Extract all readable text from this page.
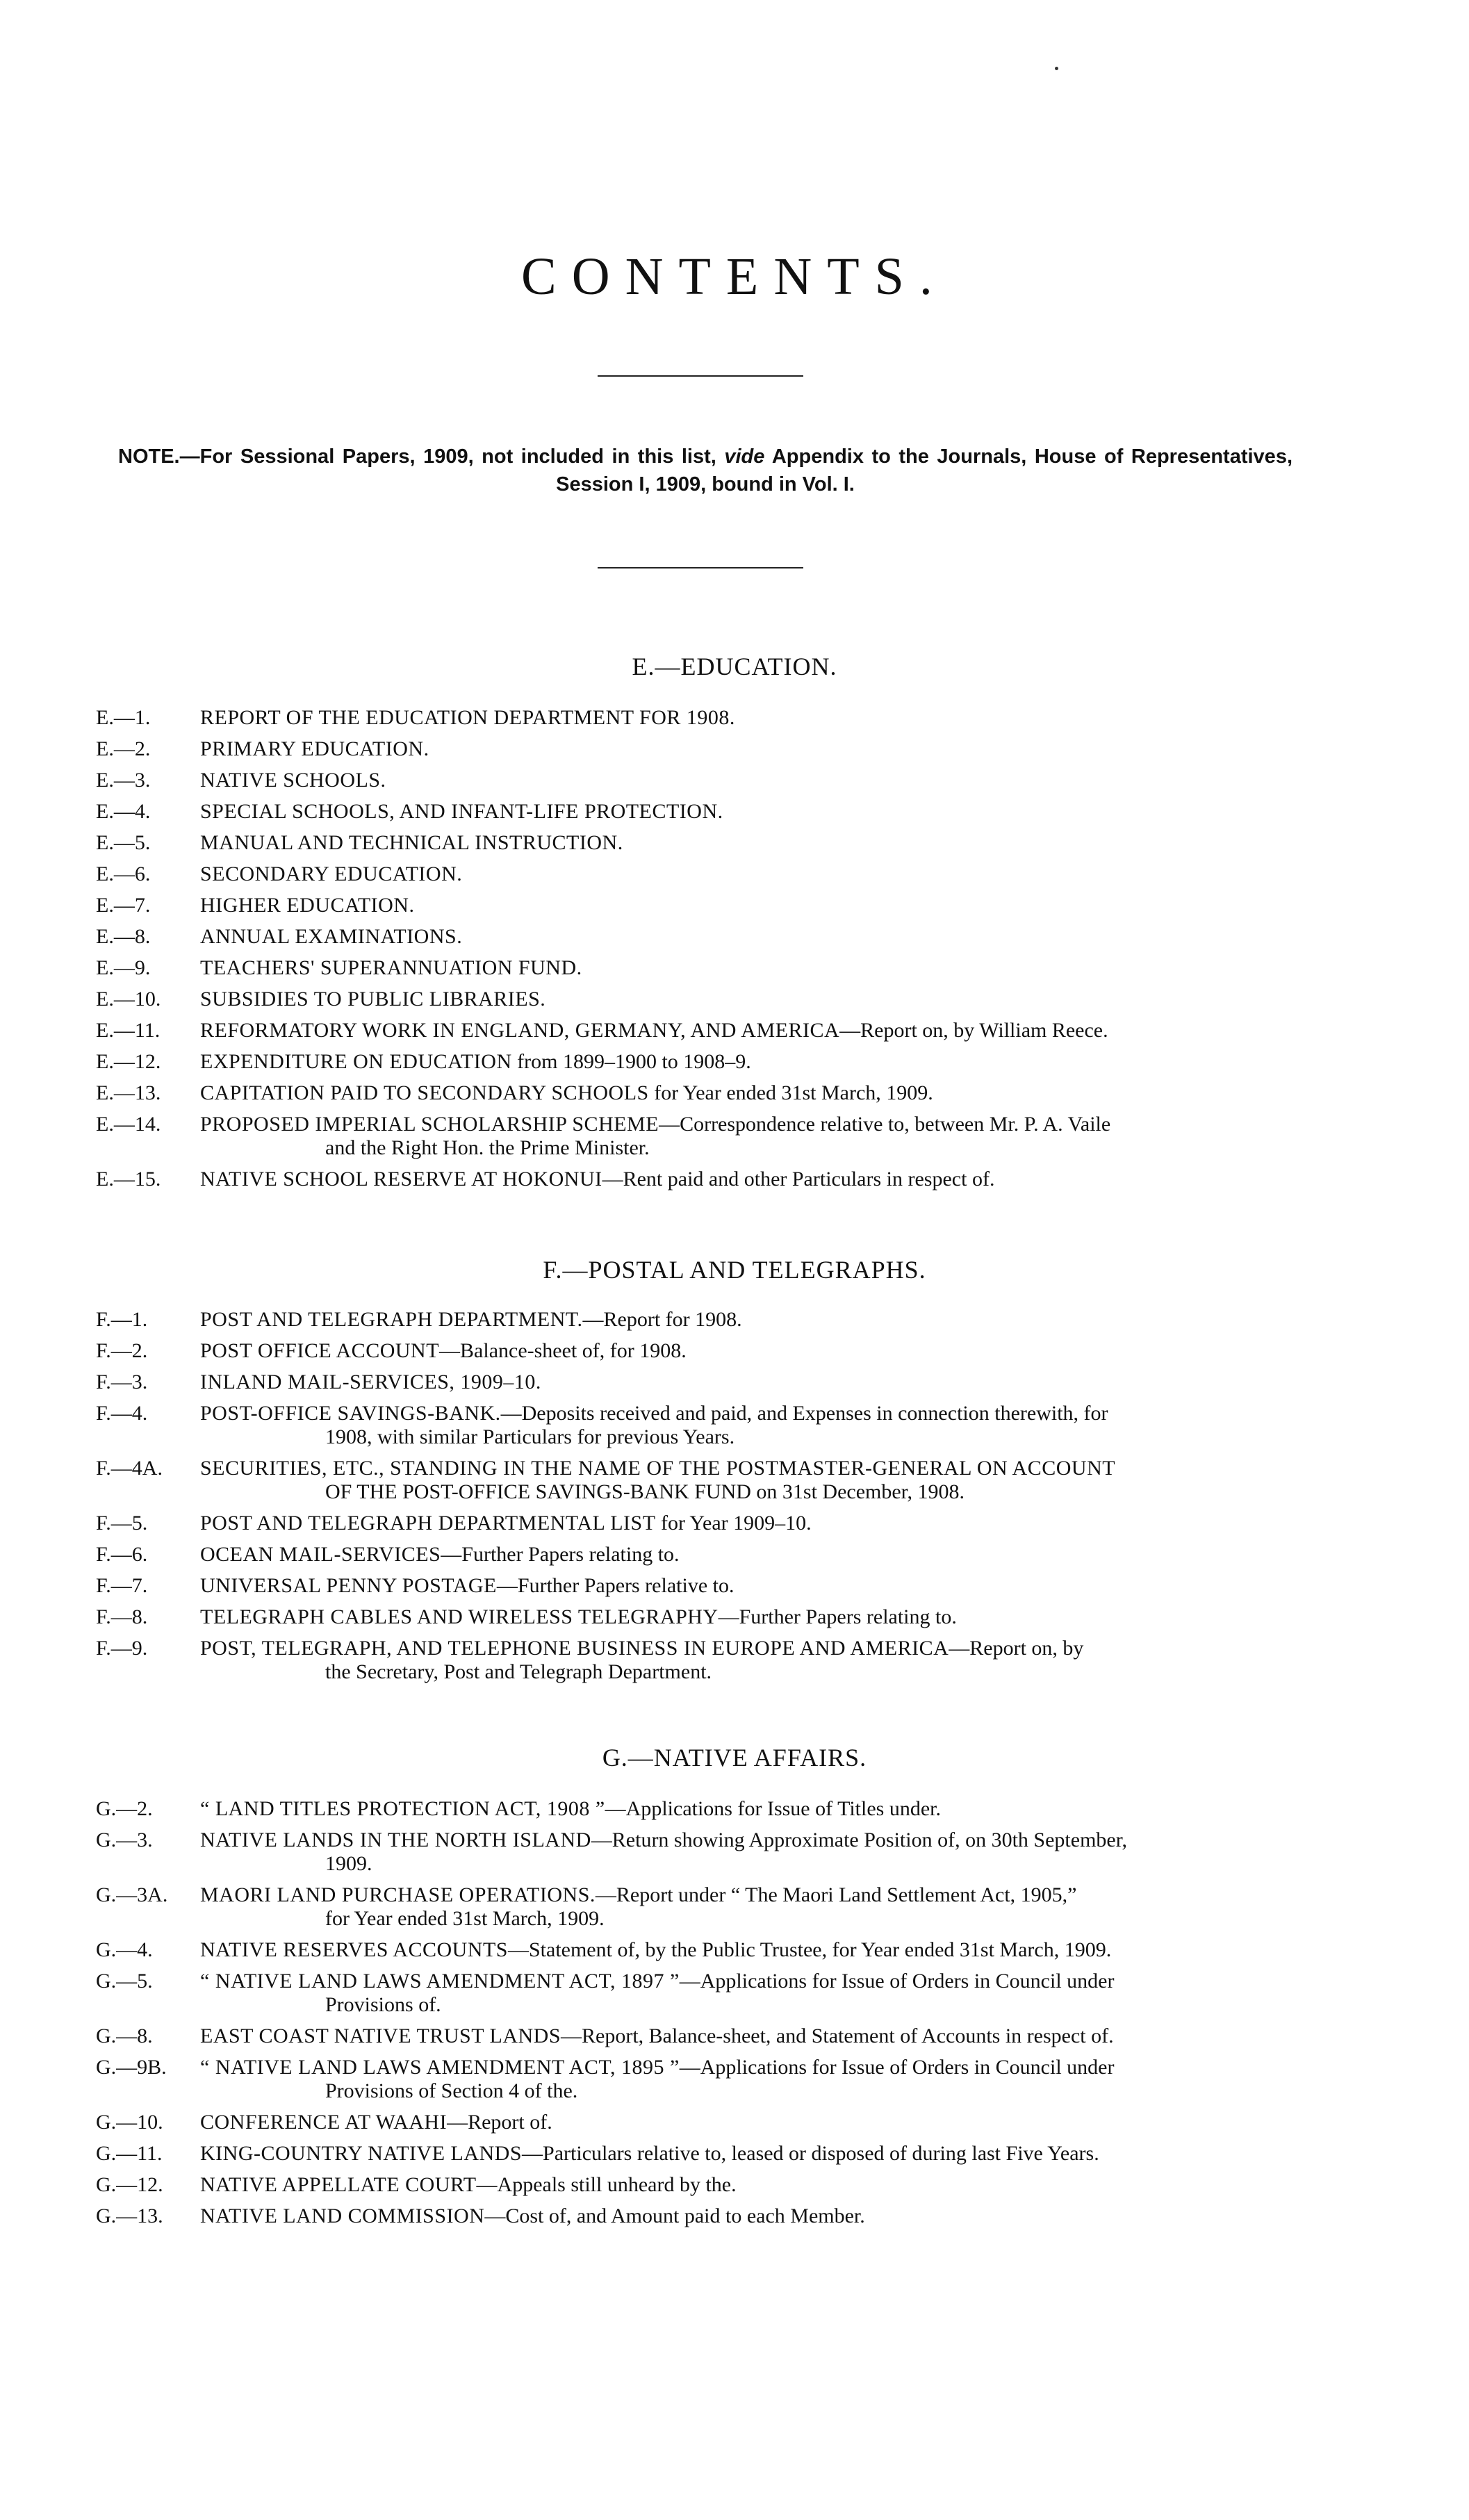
CONTENTS.
NOTE.—For Sessional Papers, 1909, not included in this list, vide Appendix to the Journals, House of Representatives, Session I, 1909, bound in Vol. I.
E.—EDUCATION.
E.—1.	REPORT OF THE EDUCATION DEPARTMENT FOR 1908.
E.—2.	PRIMARY EDUCATION.
E.—3.	NATIVE SCHOOLS.
E.—4.	SPECIAL SCHOOLS, AND INFANT-LIFE PROTECTION.
E.—5.	MANUAL AND TECHNICAL INSTRUCTION.
E.—6.	SECONDARY EDUCATION.
E.—7.	HIGHER EDUCATION.
E.—8.	ANNUAL EXAMINATIONS.
E.—9.	TEACHERS' SUPERANNUATION FUND.
E.—10.	SUBSIDIES TO PUBLIC LIBRARIES.
E.—11.	REFORMATORY WORK IN ENGLAND, GERMANY, AND AMERICA—Report on, by William Reece.
E.—12.	EXPENDITURE ON EDUCATION from 1899–1900 to 1908–9.
E.—13.	CAPITATION PAID TO SECONDARY SCHOOLS for Year ended 31st March, 1909.
E.—14.	PROPOSED IMPERIAL SCHOLARSHIP SCHEME—Correspondence relative to, between Mr. P. A. Vaile
and the Right Hon. the Prime Minister.
E.—15.	NATIVE SCHOOL RESERVE AT HOKONUI—Rent paid and other Particulars in respect of.
F.—POSTAL AND TELEGRAPHS.
F.—1.	POST AND TELEGRAPH DEPARTMENT.—Report for 1908.
F.—2.	POST OFFICE ACCOUNT—Balance-sheet of, for 1908.
F.—3.	INLAND MAIL-SERVICES, 1909–10.
F.—4.	POST-OFFICE SAVINGS-BANK.—Deposits received and paid, and Expenses in connection therewith, for
1908, with similar Particulars for previous Years.
F.—4A.	SECURITIES, ETC., STANDING IN THE NAME OF THE POSTMASTER-GENERAL ON ACCOUNT
OF THE POST-OFFICE SAVINGS-BANK FUND on 31st December, 1908.
F.—5.	POST AND TELEGRAPH DEPARTMENTAL LIST for Year 1909–10.
F.—6.	OCEAN MAIL-SERVICES—Further Papers relating to.
F.—7.	UNIVERSAL PENNY POSTAGE—Further Papers relative to.
F.—8.	TELEGRAPH CABLES AND WIRELESS TELEGRAPHY—Further Papers relating to.
F.—9.	POST, TELEGRAPH, AND TELEPHONE BUSINESS IN EUROPE AND AMERICA—Report on, by
the Secretary, Post and Telegraph Department.
G.—NATIVE AFFAIRS.
G.—2.	“ LAND TITLES PROTECTION ACT, 1908 ”—Applications for Issue of Titles under.
G.—3.	NATIVE LANDS IN THE NORTH ISLAND—Return showing Approximate Position of, on 30th September,
1909.
G.—3A.	MAORI LAND PURCHASE OPERATIONS.—Report under “ The Maori Land Settlement Act, 1905,”
for Year ended 31st March, 1909.
G.—4.	NATIVE RESERVES ACCOUNTS—Statement of, by the Public Trustee, for Year ended 31st March, 1909.
G.—5.	“ NATIVE LAND LAWS AMENDMENT ACT, 1897 ”—Applications for Issue of Orders in Council under
Provisions of.
G.—8.	EAST COAST NATIVE TRUST LANDS—Report, Balance-sheet, and Statement of Accounts in respect of.
G.—9B.	“ NATIVE LAND LAWS AMENDMENT ACT, 1895 ”—Applications for Issue of Orders in Council under
Provisions of Section 4 of the.
G.—10.	CONFERENCE AT WAAHI—Report of.
G.—11.	KING-COUNTRY NATIVE LANDS—Particulars relative to, leased or disposed of during last Five Years.
G.—12.	NATIVE APPELLATE COURT—Appeals still unheard by the.
G.—13.	NATIVE LAND COMMISSION—Cost of, and Amount paid to each Member.
